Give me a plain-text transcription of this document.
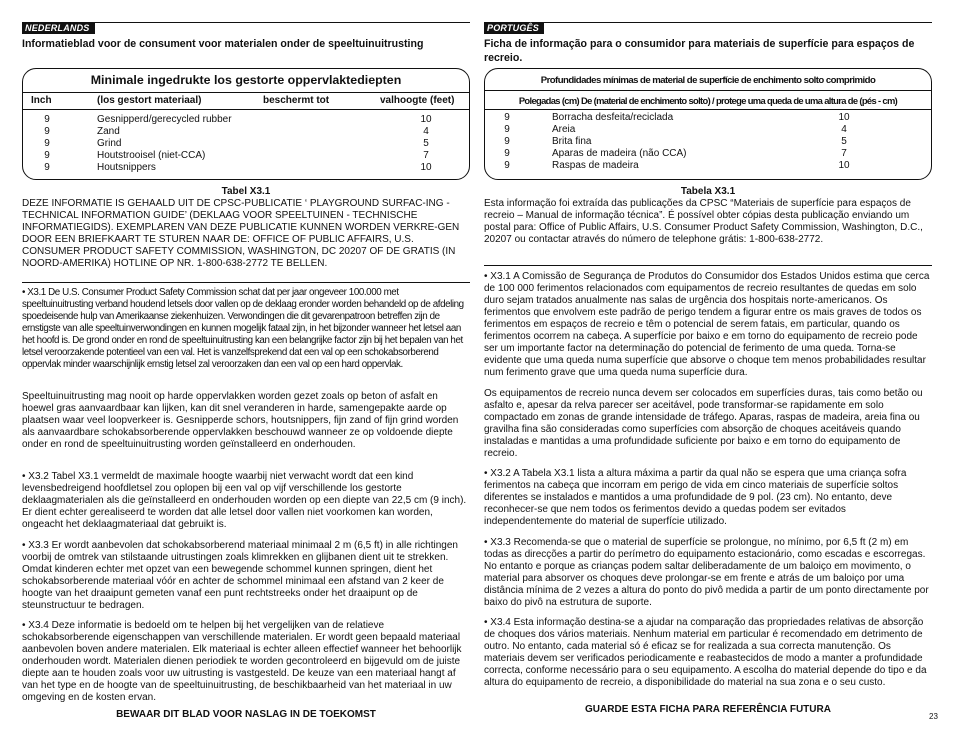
NEDERLANDS
Informatieblad voor de consument voor materialen onder de speeltuinuitrusting
Minimale ingedrukte los gestorte oppervlaktediepten
Inch	(los gestort materiaal)	beschermt tot	valhoogte (feet)
9	Gesnipperd/gerecycled rubber	10
9	Zand	4
9	Grind	5
9	Houtstrooisel (niet-CCA)	7
9	Houtsnippers	10
Tabel X3.1
DEZE INFORMATIE IS GEHAALD UIT DE CPSC-PUBLICATIE ‘ PLAYGROUND SURFAC-ING - TECHNICAL INFORMATION GUIDE’ (DEKLAAG VOOR SPEELTUINEN - TECHNISCHE INFORMATIEGIDS). EXEMPLAREN VAN DEZE PUBLICATIE KUNNEN WORDEN VERKRE-GEN DOOR EEN BRIEFKAART TE STUREN NAAR DE: OFFICE OF PUBLIC AFFAIRS, U.S. CONSUMER PRODUCT SAFETY COMMISSION, WASHINGTON, DC 20207 OF DE GRATIS (IN NOORD-AMERIKA) HOTLINE OP NR. 1-800-638-2772 TE BELLEN.
• X3.1 De U.S. Consumer Product Safety Commission schat dat per jaar ongeveer 100.000 met speeltuinuitrusting verband houdend letsels door vallen op de deklaag eronder worden behandeld op de afdeling spoedeisende hulp van Amerikaanse ziekenhuizen. Verwondingen die dit gevarenpatroon betreffen zijn de ernstigste van alle speeltuinverwondingen en kunnen mogelijk fataal zijn, in het bijzonder wanneer het letsel aan het hoofd is. De grond onder en rond de speeltuinuitrusting kan een belangrijke factor zijn bij het bepalen van het letsel veroorzakende potentieel van een val. Het is vanzelfsprekend dat een val op een schokabsorberend oppervlak minder waarschijnlijk ernstig letsel zal veroorzaken dan een val op een hard oppervlak.
Speeltuinuitrusting mag nooit op harde oppervlakken worden gezet zoals op beton of asfalt en hoewel gras aanvaardbaar kan lijken, kan dit snel veranderen in harde, samengepakte aarde op plaatsen waar veel loopverkeer is. Gesnipperde schors, houtsnippers, fijn zand of fijn grind worden als aanvaardbare schokabsorberende oppervlakken beschouwd wanneer ze op voldoende diepte onder en rond de speeltuinuitrusting worden geïnstalleerd en onderhouden.
• X3.2 Tabel X3.1 vermeldt de maximale hoogte waarbij niet verwacht wordt dat een kind levensbedreigend hoofdletsel zou oplopen bij een val op vijf verschillende los gestorte deklaagmaterialen als die geïnstalleerd en onderhouden worden op een diepte van 22,5 cm (9 inch). Er dient echter gerealiseerd te worden dat alle letsel door vallen niet voorkomen kan worden, ongeacht het deklaagmateriaal dat gebruikt is.
• X3.3 Er wordt aanbevolen dat schokabsorberend materiaal minimaal 2 m (6,5 ft) in alle richtingen voorbij de omtrek van stilstaande uitrustingen zoals klimrekken en glijbanen dient uit te strekken. Omdat kinderen echter met opzet van een bewegende schommel kunnen springen, dient het schokabsorberende materiaal vóór en achter de schommel minimaal een afstand van 2 keer de hoogte van het draaipunt gemeten vanaf een punt rechtstreeks onder het draaipunt op de steunstructuur te bedragen.
• X3.4 Deze informatie is bedoeld om te helpen bij het vergelijken van de relatieve schokabsorberende eigenschappen van verschillende materialen. Er wordt geen bepaald materiaal aanbevolen boven andere materialen. Elk materiaal is echter alleen effectief wanneer het behoorlijk onderhouden wordt. Materialen dienen periodiek te worden gecontroleerd en bijgevuld om de juiste diepte aan te houden zoals voor uw uitrusting is vastgesteld. De keuze van een materiaal hangt af van het type en de hoogte van de speeltuinuitrusting, de beschikbaarheid van het materiaal in uw omgeving en de kosten ervan.
BEWAAR DIT BLAD VOOR NASLAG IN DE TOEKOMST
PORTUGÊS
Ficha de informação para o consumidor para materiais de superfície para espaços de recreio.
Profundidades mínimas de material de superfície de enchimento solto comprimido
Polegadas (cm) De (material de enchimento solto) / protege uma queda de uma altura de (pés - cm)
9	Borracha desfeita/reciclada	10
9	Areia	4
9	Brita fina	5
9	Aparas de madeira (não CCA)	7
9	Raspas de madeira	10
Tabela X3.1
Esta informação foi extraída das publicações da CPSC “Materiais de superfície para espaços de recreio – Manual de informação técnica”. É possível obter cópias desta publicação enviando um postal para: Office of Public Affairs, U.S. Consumer Product Safety Commission, Washington, D.C., 20207 ou contactar através do número de telephone grátis: 1-800-638-2772.
• X3.1 A Comissão de Segurança de Produtos do Consumidor dos Estados Unidos estima que cerca de 100 000 ferimentos relacionados com equipamentos de recreio resultantes de quedas em solo duro sejam tratados anualmente nas salas de urgência dos hospitais norte-americanos. Os ferimentos que envolvem este padrão de perigo tendem a figurar entre os mais graves de todos os ferimentos em espaços de recreio e têm o potencial de serem fatais, em particular, quando os ferimentos ocorrem na cabeça. A superfície por baixo e em torno do equipamento de recreio pode ser um importante factor na determinação do potencial de ferimento de uma queda. Torna-se evidente que uma queda numa superfície que absorve o choque tem menos probabilidades resultar num ferimento grave que uma queda numa superfície dura.
Os equipamentos de recreio nunca devem ser colocados em superfícies duras, tais como betão ou asfalto e, apesar da relva parecer ser aceitável, pode transformar-se rapidamente em solo compactado em zonas de grande intensidade de tráfego. Aparas, raspas de madeira, areia fina ou gravilha fina são consideradas como superfícies com absorção de choques aceitáveis quando instaladas e mantidas a uma profundidade suficiente por baixo e em torno do equipamento de recreio.
• X3.2 A Tabela X3.1 lista a altura máxima a partir da qual não se espera que uma criança sofra ferimentos na cabeça que incorram em perigo de vida em cinco materiais de superfície soltos diferentes se instalados e mantidos a uma profundidade de 9 pol. (23 cm). No entanto, deve reconhecer-se que nem todos os ferimentos devido a quedas podem ser evitados independentemente do material de superfície utilizado.
• X3.3 Recomenda-se que o material de superfície se prolongue, no mínimo, por 6,5 ft (2 m) em todas as direcções a partir do perímetro do equipamento estacionário, como escadas e escorregas. No entanto e porque as crianças podem saltar deliberadamente de um baloiço em movimento, o material para absorver os choques deve prolongar-se em frente e atrás de um baloiço por uma distância mínima de 2 vezes a altura do ponto do pivô medida a partir de um ponto directamente por baixo do pivô na estrutura de suporte.
• X3.4 Esta informação destina-se a ajudar na comparação das propriedades relativas de absorção de choques dos vários materiais. Nenhum material em particular é recomendado em detrimento de outro. No entanto, cada material só é eficaz se for realizada a sua correcta manutenção. Os materiais devem ser verificados periodicamente e reabastecidos de modo a manter a profundidade correcta, conforme necessário para o seu equipamento. A escolha do material depende do tipo e da altura do equipamento de recreio, a disponibilidade do material na sua zona e o seu custo.
GUARDE ESTA FICHA PARA REFERÊNCIA FUTURA
23
